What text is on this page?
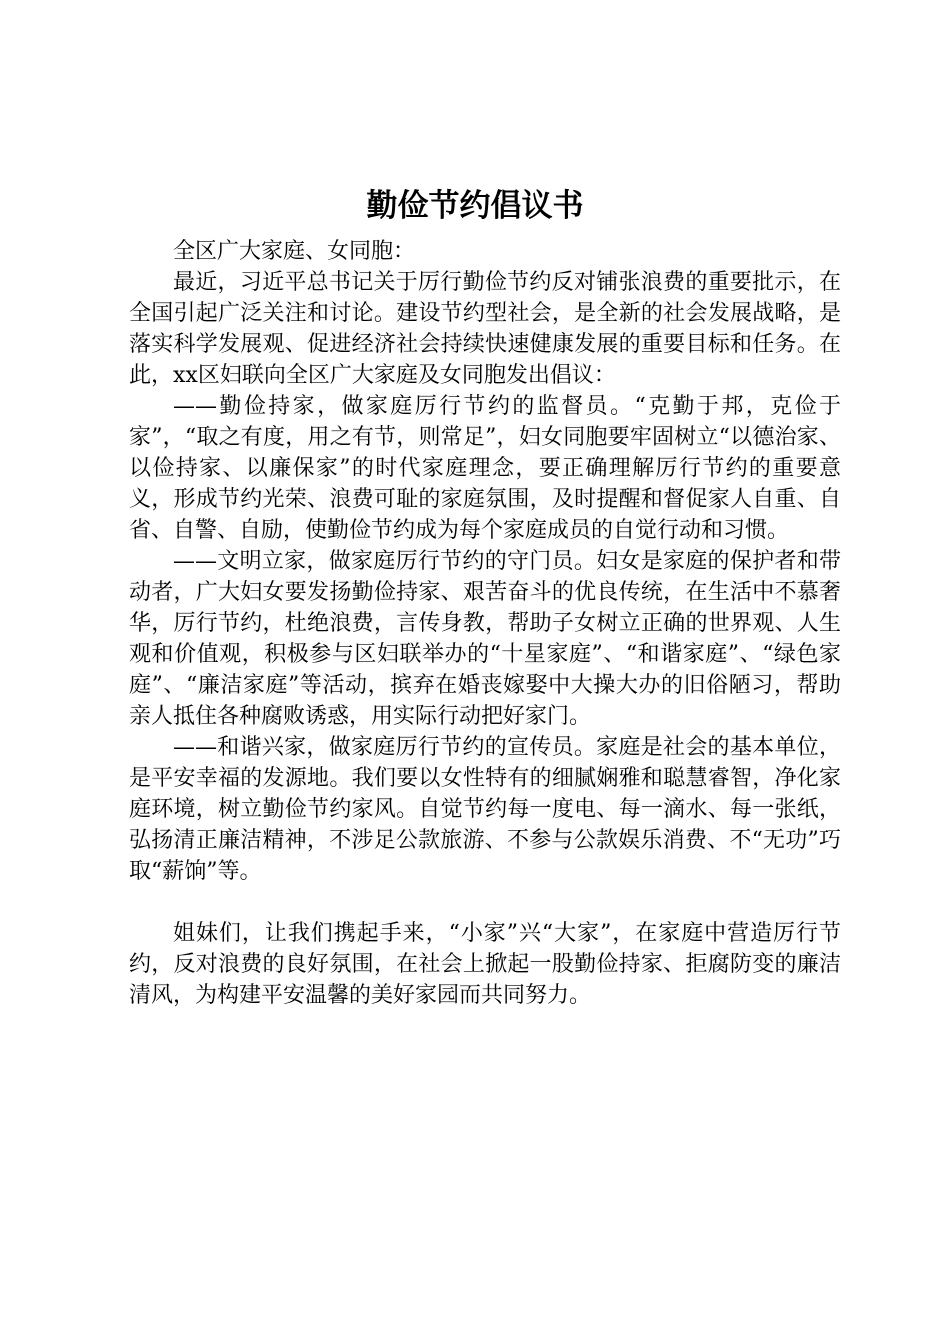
勤俭节约倡议书

全区广大家庭、女同胞：

最近，习近平总书记关于厉行勤俭节约反对铺张浪费的重要批示，在全国引起广泛关注和讨论。建设节约型社会，是全新的社会发展战略，是落实科学发展观、促进经济社会持续快速健康发展的重要目标和任务。在此，xx区妇联向全区广大家庭及女同胞发出倡议：

——勤俭持家，做家庭厉行节约的监督员。“克勤于邦，克俭于家”，“取之有度，用之有节，则常足”，妇女同胞要牢固树立“以德治家、以俭持家、以廉保家”的时代家庭理念，要正确理解厉行节约的重要意义，形成节约光荣、浪费可耻的家庭氛围，及时提醒和督促家人自重、自省、自警、自励，使勤俭节约成为每个家庭成员的自觉行动和习惯。

——文明立家，做家庭厉行节约的守门员。妇女是家庭的保护者和带动者，广大妇女要发扬勤俭持家、艰苦奋斗的优良传统，在生活中不慕奢华，厉行节约，杜绝浪费，言传身教，帮助子女树立正确的世界观、人生观和价值观，积极参与区妇联举办的“十星家庭”、“和谐家庭”、“绿色家庭”、“廉洁家庭”等活动，摈弃在婚丧嫁娶中大操大办的旧俗陋习，帮助亲人抵住各种腐败诱惑，用实际行动把好家门。

——和谐兴家，做家庭厉行节约的宣传员。家庭是社会的基本单位，是平安幸福的发源地。我们要以女性特有的细腻娴雅和聪慧睿智，净化家庭环境，树立勤俭节约家风。自觉节约每一度电、每一滴水、每一张纸，弘扬清正廉洁精神，不涉足公款旅游、不参与公款娱乐消费、不“无功”巧取“薪饷”等。

姐妹们，让我们携起手来，“小家”兴“大家”，在家庭中营造厉行节约，反对浪费的良好氛围，在社会上掀起一股勤俭持家、拒腐防变的廉洁清风，为构建平安温馨的美好家园而共同努力。
